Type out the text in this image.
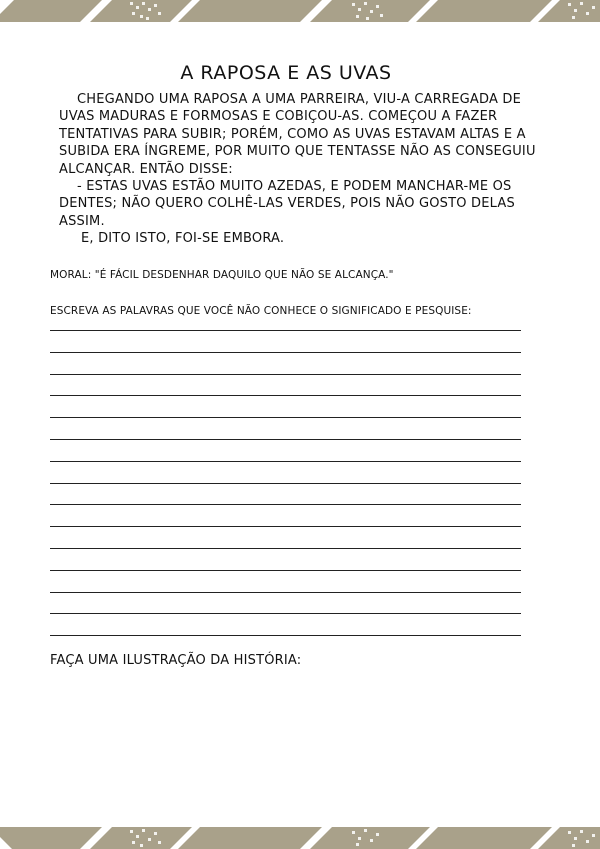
A RAPOSA E AS UVAS

CHEGANDO UMA RAPOSA A UMA PARREIRA, VIU-A CARREGADA DE UVAS MADURAS E FORMOSAS E COBIÇOU-AS. COMEÇOU A FAZER TENTATIVAS PARA SUBIR; PORÉM, COMO AS UVAS ESTAVAM ALTAS E A SUBIDA ERA ÍNGREME, POR MUITO QUE TENTASSE NÃO AS CONSEGUIU ALCANÇAR. ENTÃO DISSE:

- ESTAS UVAS ESTÃO MUITO AZEDAS, E PODEM MANCHAR-ME OS DENTES; NÃO QUERO COLHÊ-LAS VERDES, POIS NÃO GOSTO DELAS ASSIM.

E, DITO ISTO, FOI-SE EMBORA.

MORAL: "É FÁCIL DESDENHAR DAQUILO QUE NÃO SE ALCANÇA."
ESCREVA AS PALAVRAS QUE VOCÊ NÃO CONHECE O SIGNIFICADO E PESQUISE:
FAÇA UMA ILUSTRAÇÃO DA HISTÓRIA:
